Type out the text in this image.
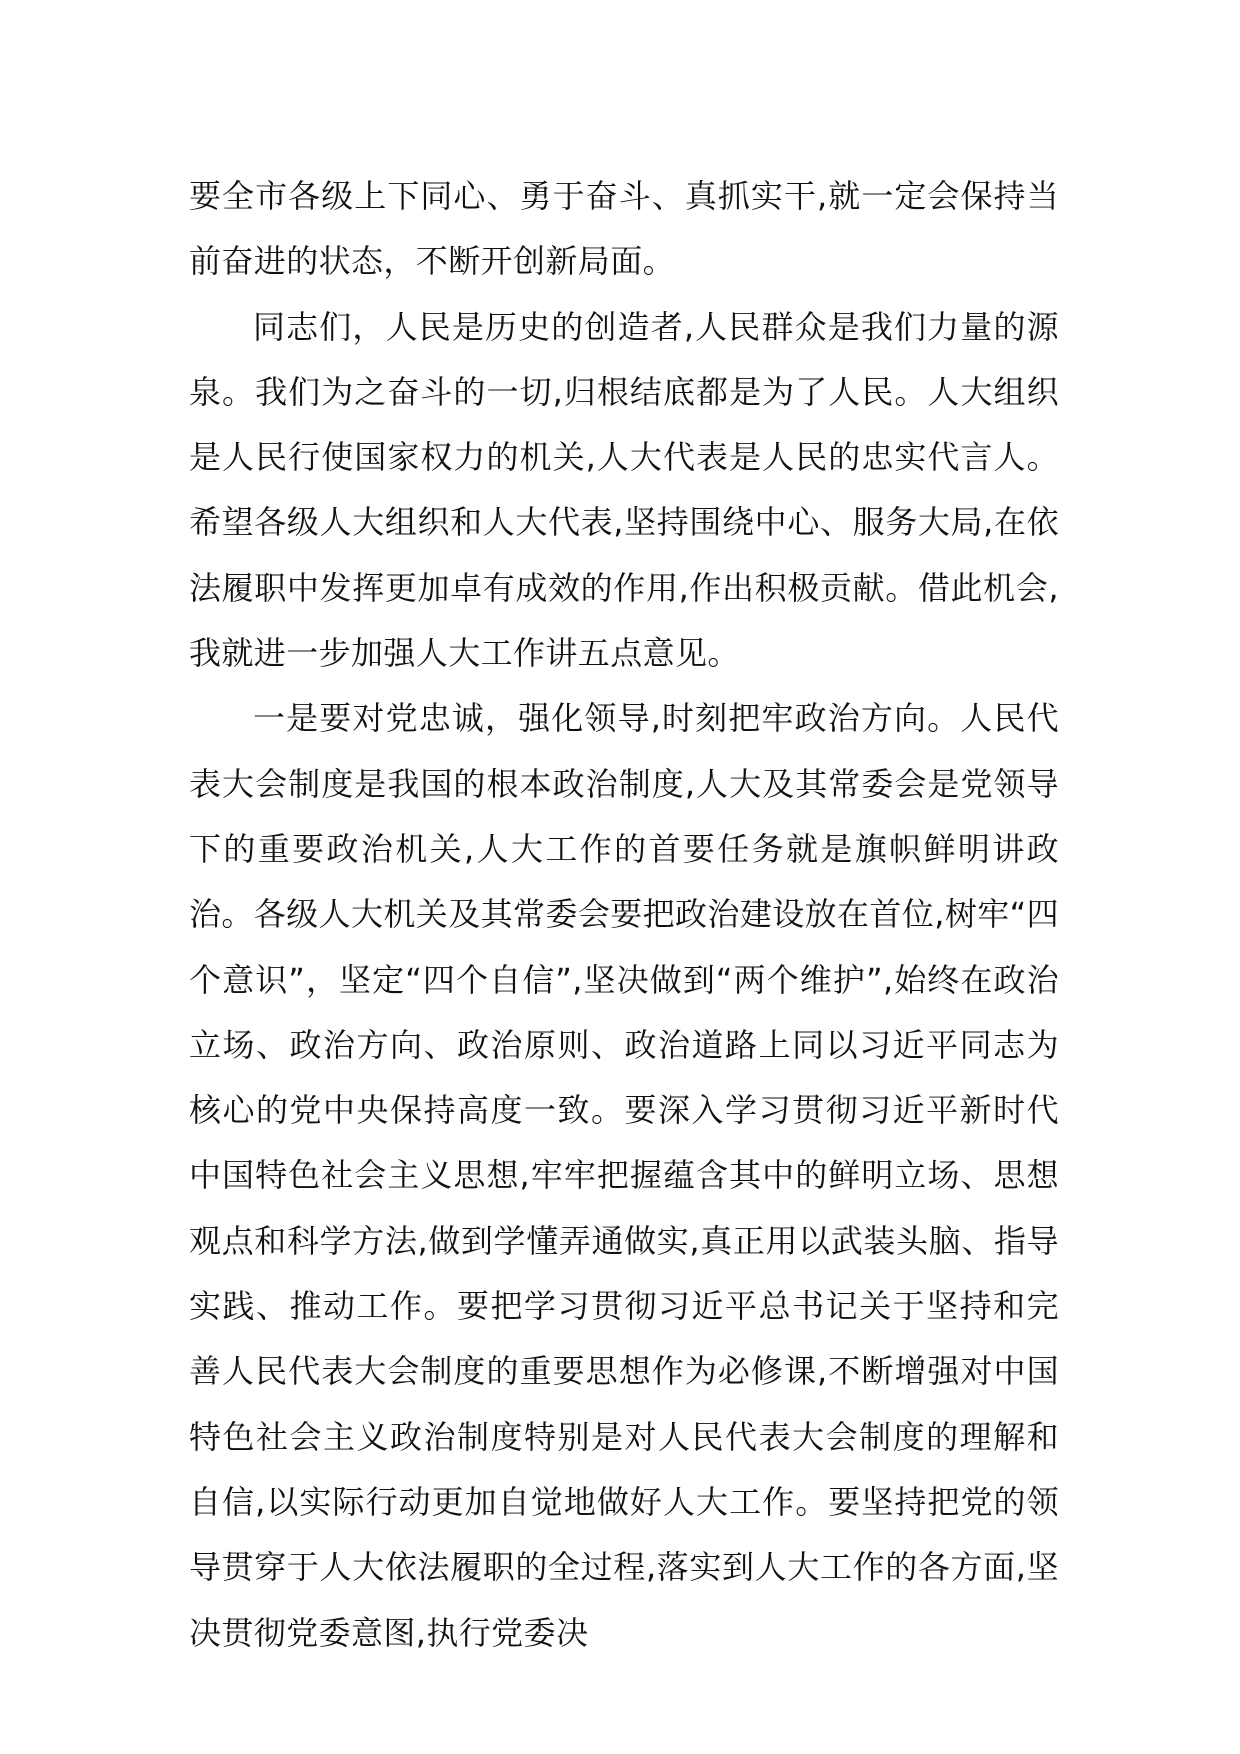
要全市各级上下同心、勇于奋斗、真抓实干,就一定会保持当前奋进的状态，不断开创新局面。

同志们，人民是历史的创造者,人民群众是我们力量的源泉。我们为之奋斗的一切,归根结底都是为了人民。人大组织是人民行使国家权力的机关,人大代表是人民的忠实代言人。希望各级人大组织和人大代表,坚持围绕中心、服务大局,在依法履职中发挥更加卓有成效的作用,作出积极贡献。借此机会,我就进一步加强人大工作讲五点意见。

一是要对党忠诚，强化领导,时刻把牢政治方向。人民代表大会制度是我国的根本政治制度,人大及其常委会是党领导下的重要政治机关,人大工作的首要任务就是旗帜鲜明讲政治。各级人大机关及其常委会要把政治建设放在首位,树牢“四个意识”，坚定“四个自信”,坚决做到“两个维护”,始终在政治立场、政治方向、政治原则、政治道路上同以习近平同志为核心的党中央保持高度一致。要深入学习贯彻习近平新时代中国特色社会主义思想,牢牢把握蕴含其中的鲜明立场、思想观点和科学方法,做到学懂弄通做实,真正用以武装头脑、指导实践、推动工作。要把学习贯彻习近平总书记关于坚持和完善人民代表大会制度的重要思想作为必修课,不断增强对中国特色社会主义政治制度特别是对人民代表大会制度的理解和自信,以实际行动更加自觉地做好人大工作。要坚持把党的领导贯穿于人大依法履职的全过程,落实到人大工作的各方面,坚决贯彻党委意图,执行党委决
